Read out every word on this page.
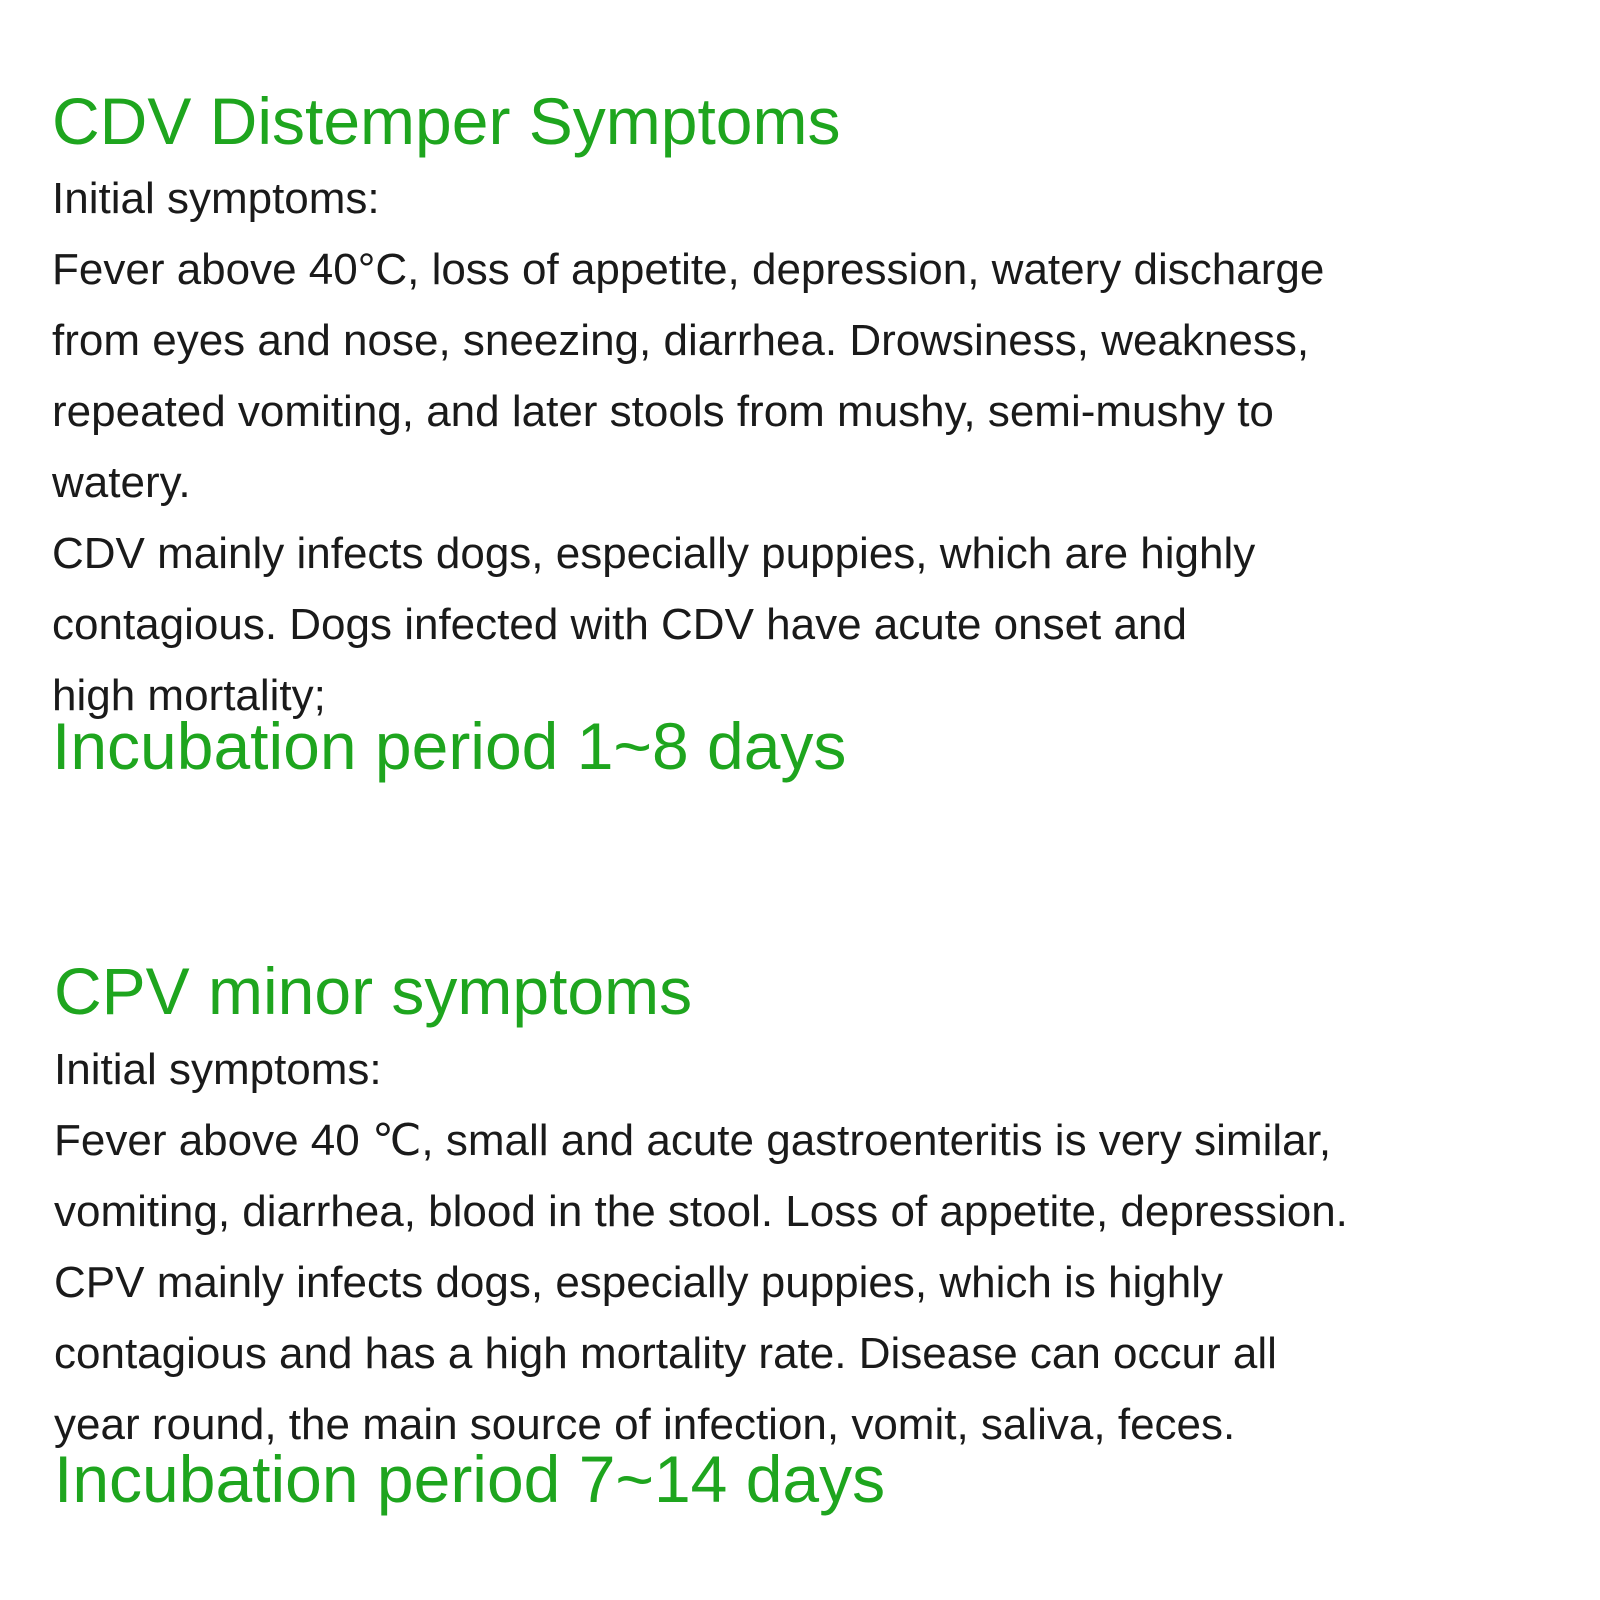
CDV Distemper Symptoms
Initial symptoms:
Fever above 40°C, loss of appetite, depression, watery discharge
from eyes and nose, sneezing, diarrhea. Drowsiness, weakness,
repeated vomiting, and later stools from mushy, semi-mushy to
watery.
CDV mainly infects dogs, especially puppies, which are highly
contagious. Dogs infected with CDV have acute onset and
high mortality;
Incubation period 1~8 days
CPV minor symptoms
Initial symptoms:
Fever above 40 ℃, small and acute gastroenteritis is very similar,
vomiting, diarrhea, blood in the stool. Loss of appetite, depression.
CPV mainly infects dogs, especially puppies, which is highly
contagious and has a high mortality rate. Disease can occur all
year round, the main source of infection, vomit, saliva, feces.
Incubation period 7~14 days
